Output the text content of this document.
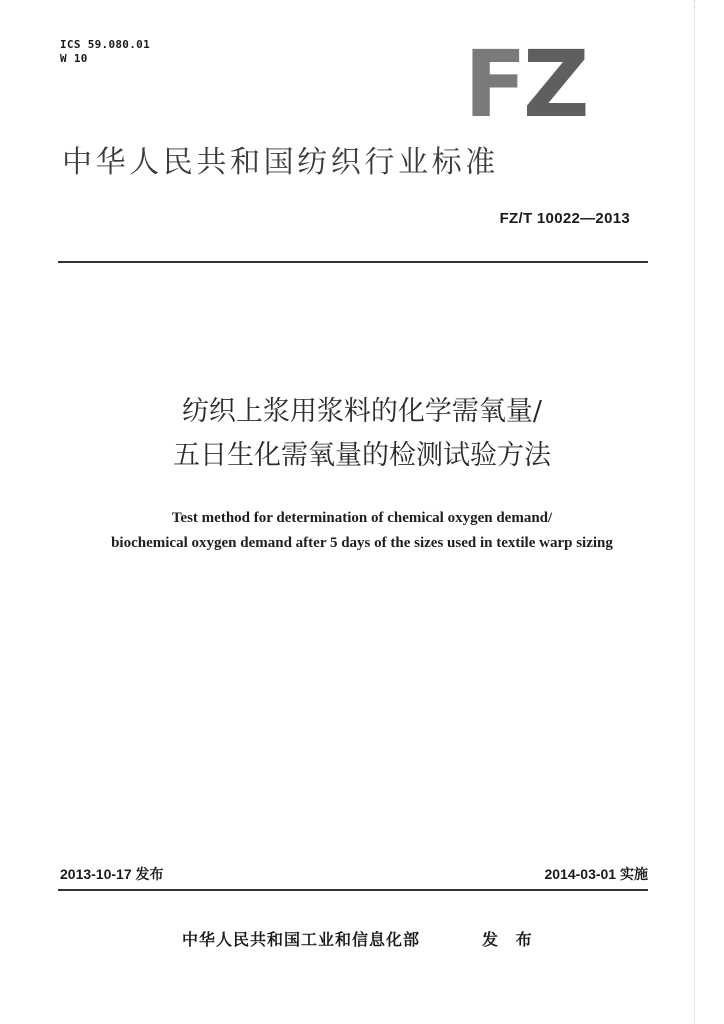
ICS 59.080.01
W 10	FZ
中华人民共和国纺织行业标准
FZ/T 10022—2013
纺织上浆用浆料的化学需氧量/
五日生化需氧量的检测试验方法
Test method for determination of chemical oxygen demand/
biochemical oxygen demand after 5 days of the sizes used in textile warp sizing
2013-10-17 发布	2014-03-01 实施
中华人民共和国工业和信息化部	发 布
